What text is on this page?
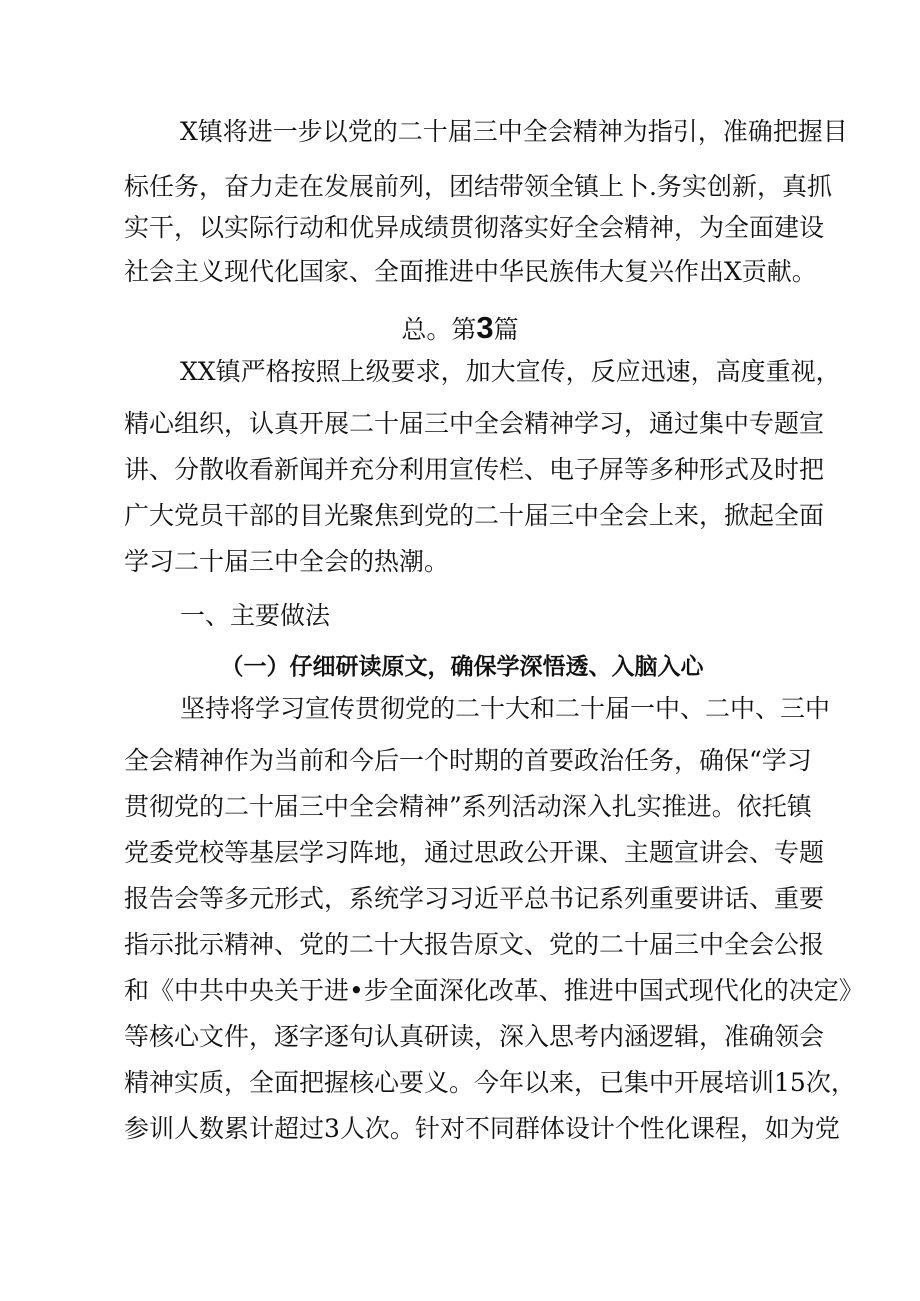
X镇将进一步以党的二十届三中全会精神为指引，准确把握目
标任务，奋力走在发展前列，团结带领全镇上卜.务实创新，真抓
实干，以实际行动和优异成绩贯彻落实好全会精神，为全面建设
社会主义现代化国家、全面推进中华民族伟大复兴作出X贡献。
总。第3篇
XX镇严格按照上级要求，加大宣传，反应迅速，高度重视，
精心组织，认真开展二十届三中全会精神学习，通过集中专题宣
讲、分散收看新闻并充分利用宣传栏、电子屏等多种形式及时把
广大党员干部的目光聚焦到党的二十届三中全会上来，掀起全面
学习二十届三中全会的热潮。
一、主要做法
（一）仔细研读原文，确保学深悟透、入脑入心
坚持将学习宣传贯彻党的二十大和二十届一中、二中、三中
全会精神作为当前和今后一个时期的首要政治任务，确保“学习
贯彻党的二十届三中全会精神”系列活动深入扎实推进。依托镇
党委党校等基层学习阵地，通过思政公开课、主题宣讲会、专题
报告会等多元形式，系统学习习近平总书记系列重要讲话、重要
指示批示精神、党的二十大报告原文、党的二十届三中全会公报
和《中共中央关于进•步全面深化改革、推进中国式现代化的决定》
等核心文件，逐字逐句认真研读，深入思考内涵逻辑，准确领会
精神实质，全面把握核心要义。今年以来，已集中开展培训15次，
参训人数累计超过3人次。针对不同群体设计个性化课程，如为党
